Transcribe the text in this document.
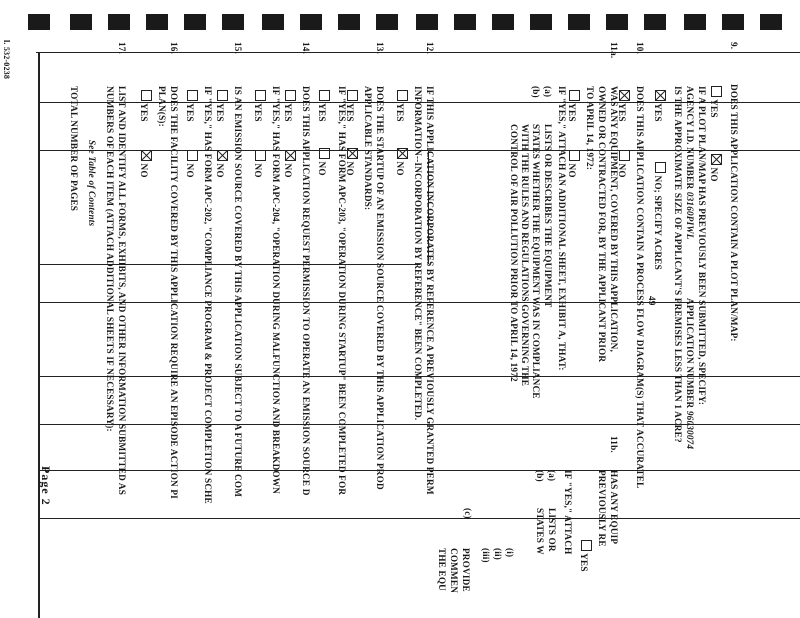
9.
DOES THIS APPLICATION CONTAIN A PLOT PLAN/MAP:
YES
NO
IF A PLOT PLAN/MAP HAS PREVIOUSLY BEEN SUBMITTED, SPECIFY:
AGENCY I.D. NUMBER 03160PIWL
APPLICATION NUMBER 96030074
IS THE APPROXIMATE SIZE OF APPLICANT'S PREMISES LESS THAN 1 ACRE?
YES
NO; SPECIFY ACRES
49
10.
DOES THIS APPLICATION CONTAIN A PROCESS FLOW DIAGRAM(S) THAT ACCURATEL
YES
NO
11a.
WAS ANY EQUIPMENT, COVERED BY THIS APPLICATION,
OWNED OR CONTRACTED FOR, BY THE APPLICANT PRIOR
TO APRIL 14, 1972:
YES
NO
IF "YES," ATTACH AN ADDITIONAL SHEET, EXHIBIT A, THAT:
(a)
LISTS OR DESCRIBES THE EQUIPMENT
(b)
STATES WHETHER THE EQUIPMENT WAS IN COMPLIANCE
WITH THE RULES AND REGULATIONS GOVERNING THE
CONTROL OF AIR POLLUTION PRIOR TO APRIL 14, 1972
11b.
HAS ANY EQUIP
PREVIOUSLY RE
YES
IF "YES," ATTACH
(a)
LISTS OR
(b)
STATES W
(i)
(ii)
(iii)
(c)
PROVIDE
COMMEN
THE EQU
12.
IF THIS APPLICATION INCORPORATES BY REFERENCE A PREVIOUSLY GRANTED PERM
INFORMATION--INCORPORATION BY REFERENCE" BEEN COMPLETED.
YES
NO
13.
DOES THE STARTUP OF AN EMISSION SOURCE COVERED BY THIS APPLICATION PROD
APPLICABLE STANDARDS:
YES
NO
IF "YES," HAS FORM APC-203, "OPERATION DURING STARTUP" BEEN COMPLETED FOR
YES
NO
14.
DOES THIS APPLICATION REQUEST PERMISSION TO OPERATE AN EMISSION SOURCE D
YES
NO
IF "YES," HAS FORM APC-204, "OPERATION DURING MALFUNCTION AND BREAKDOWN
YES
NO
15.
IS AN EMISSION SOURCE COVERED BY THIS APPLICATION SUBJECT TO A FUTURE COM
YES
NO
IF "YES," HAS FORM APC-202, "COMPLIANCE PROGRAM & PROJECT COMPLETION SCHE
YES
NO
16.
DOES THE FACILITY COVERED BY THIS APPLICATION REQUIRE AN EPISODE ACTION PI
PLAN(S):
YES
NO
17.
LIST AND IDENTIFY ALL FORMS, EXHIBITS, AND OTHER INFORMATION SUBMITTED AS
NUMBERS OF EACH ITEM (ATTACH ADDITIONAL SHEETS IF NECESSARY):
See Table of Contents
TOTAL NUMBER OF PAGES
Page 2
l. 532-0238
